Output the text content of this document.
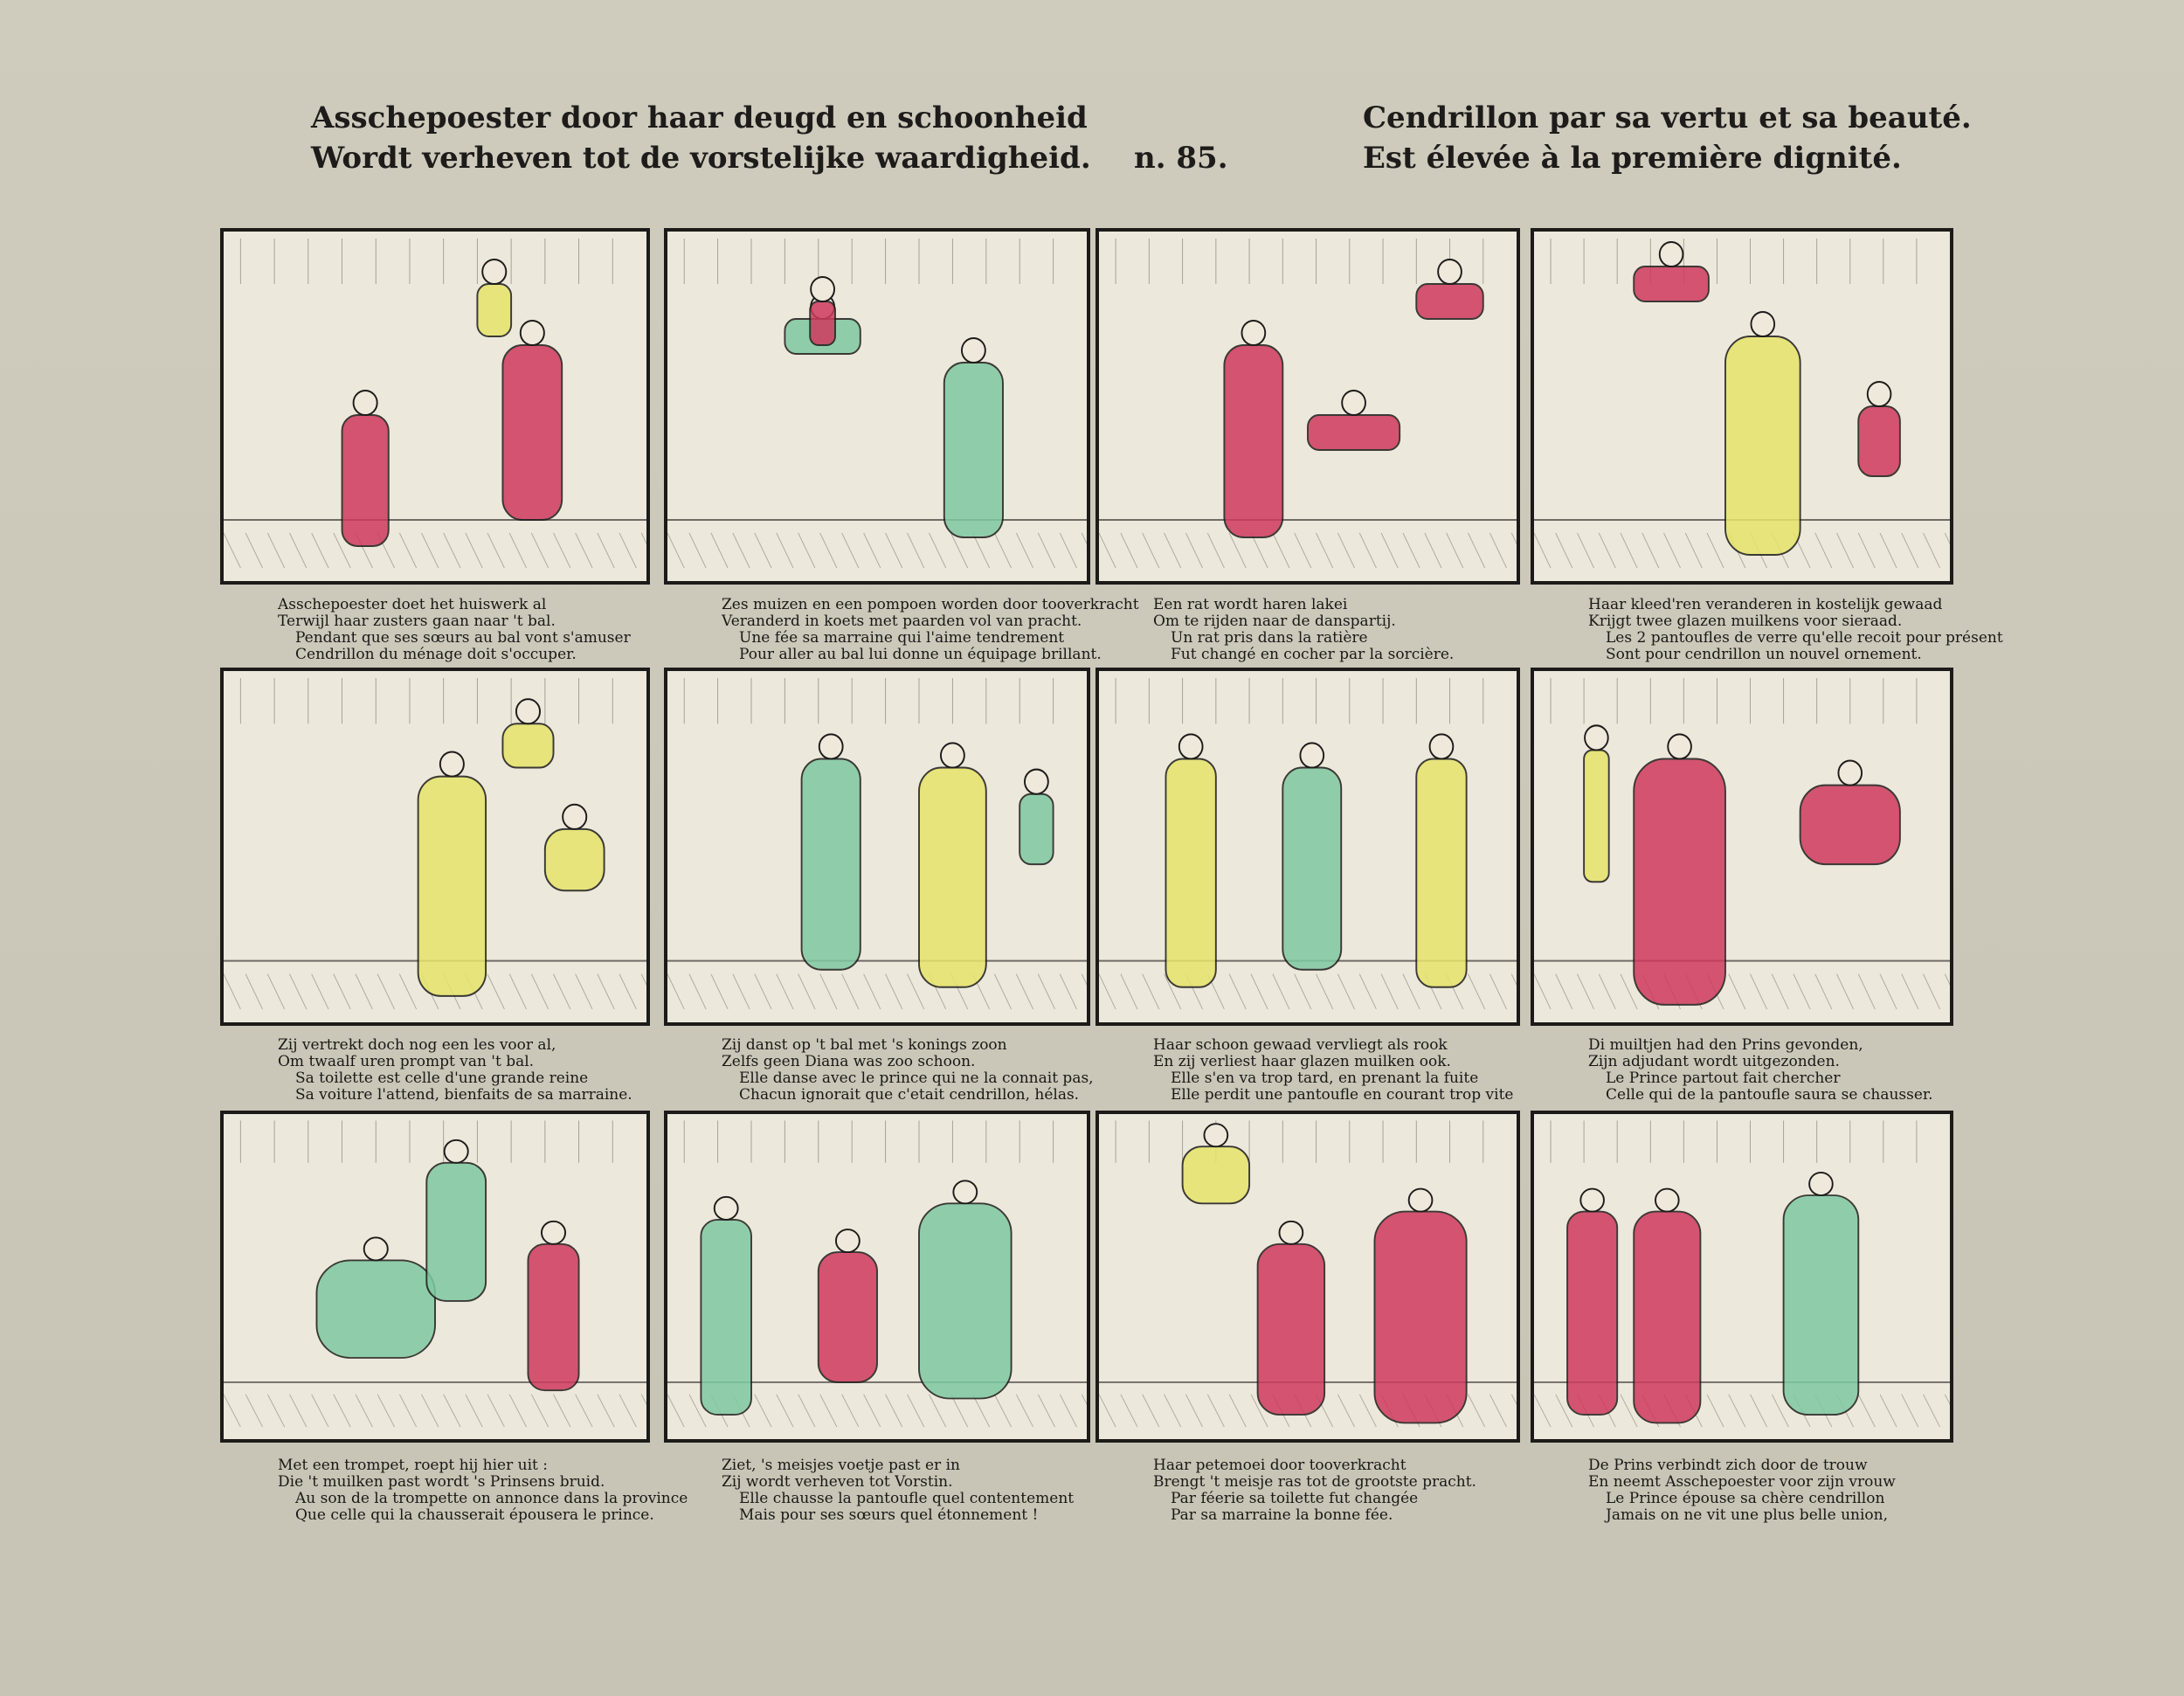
Asschepoester door haar deugd en schoonheid
Wordt verheven tot de vorstelijke waardigheid. n. 85.
Cendrillon par sa vertu et sa beauté.
Est élevée à la première dignité.
Asschepoester doet het huiswerk al
Terwijl haar zusters gaan naar 't bal.
Pendant que ses sœurs au bal vont s'amuser
Cendrillon du ménage doit s'occuper.
Zes muizen en een pompoen worden door tooverkracht
Veranderd in koets met paarden vol van pracht.
Une fée sa marraine qui l'aime tendrement
Pour aller au bal lui donne un équipage brillant.
Een rat wordt haren lakei
Om te rijden naar de danspartij.
Un rat pris dans la ratière
Fut changé en cocher par la sorcière.
Haar kleed'ren veranderen in kostelijk gewaad
Krijgt twee glazen muilkens voor sieraad.
Les 2 pantoufles de verre qu'elle recoit pour présent
Sont pour cendrillon un nouvel ornement.
Zij vertrekt doch nog een les voor al,
Om twaalf uren prompt van 't bal.
Sa toilette est celle d'une grande reine
Sa voiture l'attend, bienfaits de sa marraine.
Zij danst op 't bal met 's konings zoon
Zelfs geen Diana was zoo schoon.
Elle danse avec le prince qui ne la connait pas,
Chacun ignorait que c'etait cendrillon, hélas.
Haar schoon gewaad vervliegt als rook
En zij verliest haar glazen muilken ook.
Elle s'en va trop tard, en prenant la fuite
Elle perdit une pantoufle en courant trop vite
Di muiltjen had den Prins gevonden,
Zijn adjudant wordt uitgezonden.
Le Prince partout fait chercher
Celle qui de la pantoufle saura se chausser.
Met een trompet, roept hij hier uit :
Die 't muilken past wordt 's Prinsens bruid.
Au son de la trompette on annonce dans la province
Que celle qui la chausserait épousera le prince.
Ziet, 's meisjes voetje past er in
Zij wordt verheven tot Vorstin.
Elle chausse la pantoufle quel contentement
Mais pour ses sœurs quel étonnement !
Haar petemoei door tooverkracht
Brengt 't meisje ras tot de grootste pracht.
Par féerie sa toilette fut changée
Par sa marraine la bonne fée.
De Prins verbindt zich door de trouw
En neemt Asschepoester voor zijn vrouw
Le Prince épouse sa chère cendrillon
Jamais on ne vit une plus belle union,
